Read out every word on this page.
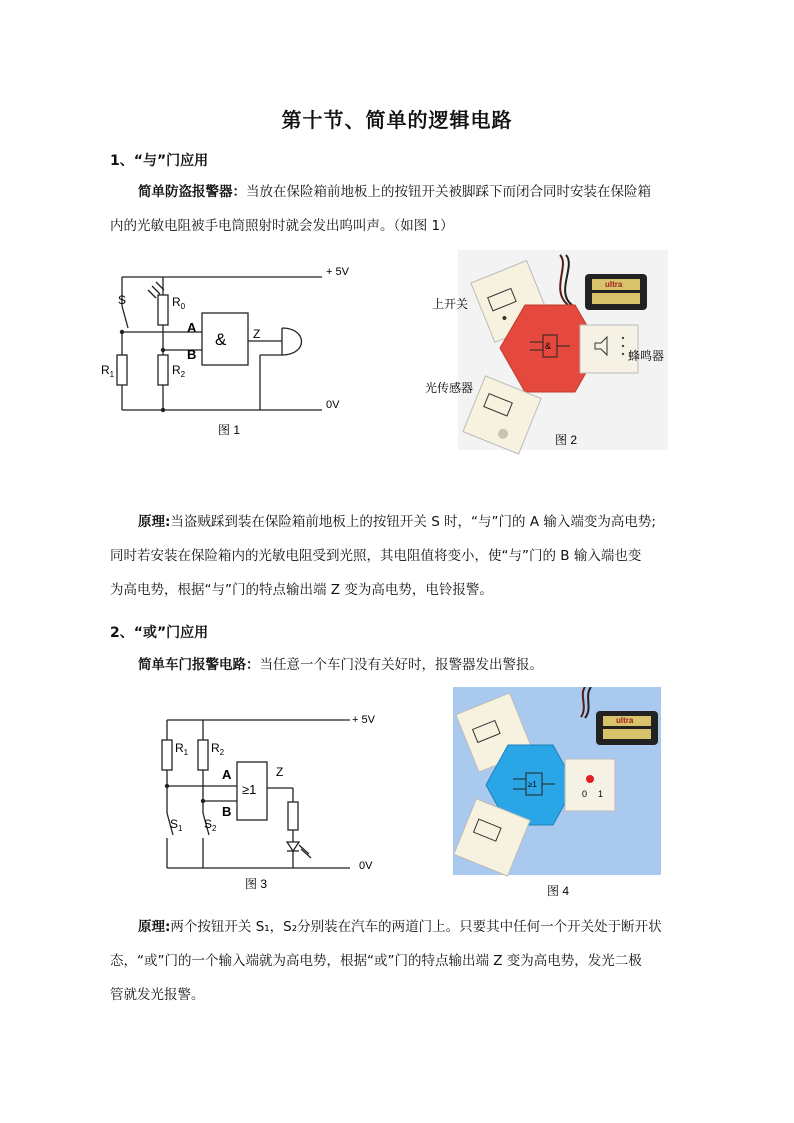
第十节、简单的逻辑电路
1、“与”门应用
简单防盗报警器：当放在保险箱前地板上的按钮开关被脚踩下而闭合同时安装在保险箱
内的光敏电阻被手电筒照射时就会发出呜叫声。（如图 1）
+ 5V
0V
S	$R_0$
$R_1$	$R_2$
A
B
Z
&
图 1
ultra
&
上开关
蜂鸣器
光传感器
图 2
原理:当盗贼踩到装在保险箱前地板上的按钮开关 S 时，“与”门的 A 输入端变为高电势;
同时若安装在保险箱内的光敏电阻受到光照，其电阻值将变小，使“与”门的 B 输入端也变
为高电势，根据“与”门的特点输出端 Z 变为高电势，电铃报警。
2、“或”门应用
简单车门报警电路：当任意一个车门没有关好时，报警器发出警报。
+ 5V
0V
$R_1$ $R_2$
$S_1$ $S_2$
A
B
Z
≥1
图 3
ultra
≥1
0 1
图 4
原理:两个按钮开关 S₁，S₂分别装在汽车的两道门上。只要其中任何一个开关处于断开状
态，“或”门的一个输入端就为高电势，根据“或”门的特点输出端 Z 变为高电势，发光二极
管就发光报警。
